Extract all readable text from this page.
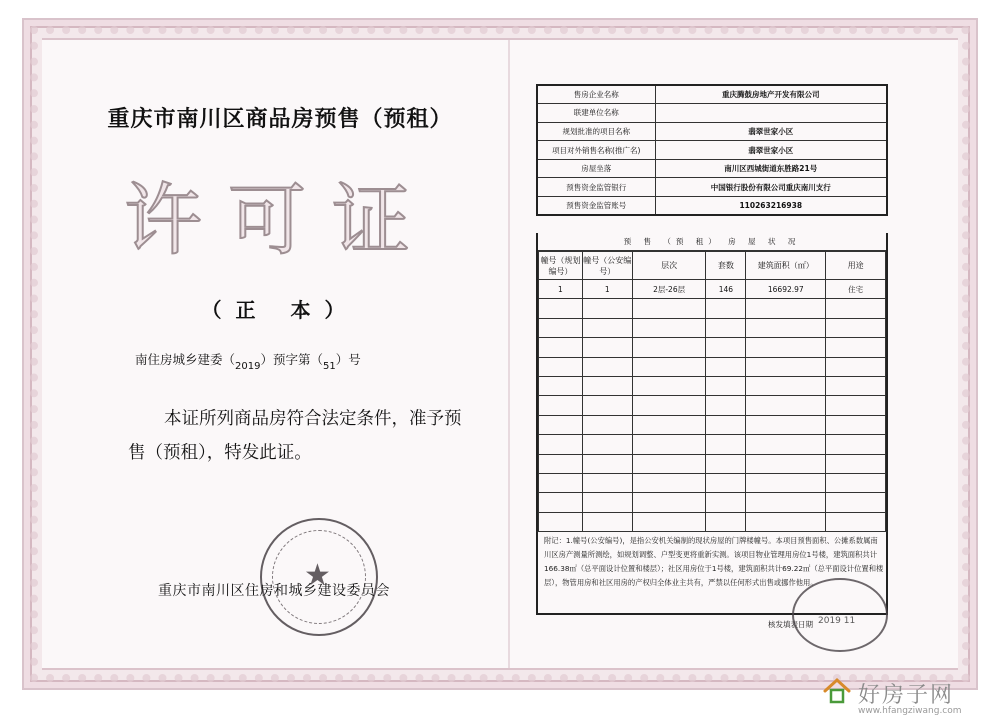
重庆市南川区商品房预售（预租）
许可证
（正 本）
南住房城乡建委（2019）预字第（51）号
本证所列商品房符合法定条件，准予预售（预租），特发此证。
★
重庆市南川区住房和城乡建设委员会
售房企业名称	重庆腾鼓房地产开发有限公司
联建单位名称	
规划批准的项目名称	翡翠世家小区
项目对外销售名称(推广名)	翡翠世家小区
房屋坐落	南川区西城街道东胜路21号
预售资金监管银行	中国银行股份有限公司重庆南川支行
预售资金监管账号	110263216938
预 售 （预 租） 房 屋 状 况
幢号（规划编号）	幢号（公安编号）	层次	套数	建筑面积（㎡）	用途
1	1	2层-26层	146	16692.97	住宅

附记：1.幢号(公安编号)，是指公安机关编制的现状房屋的门牌楼幢号。本项目预售面积、公摊系数属南川区房产测量所测绘，如规划调整、户型变更将重新实测。该项目物业管理用房位1号楼，建筑面积共计166.38㎡（总平面设计位置和楼层）；社区用房位于1号楼，建筑面积共计69.22㎡（总平面设计位置和楼层），物管用房和社区用房的产权归全体业主共有，严禁以任何形式出售或挪作他用。
核发填表日期 2019 11
好房子网
www.hfangziwang.com
